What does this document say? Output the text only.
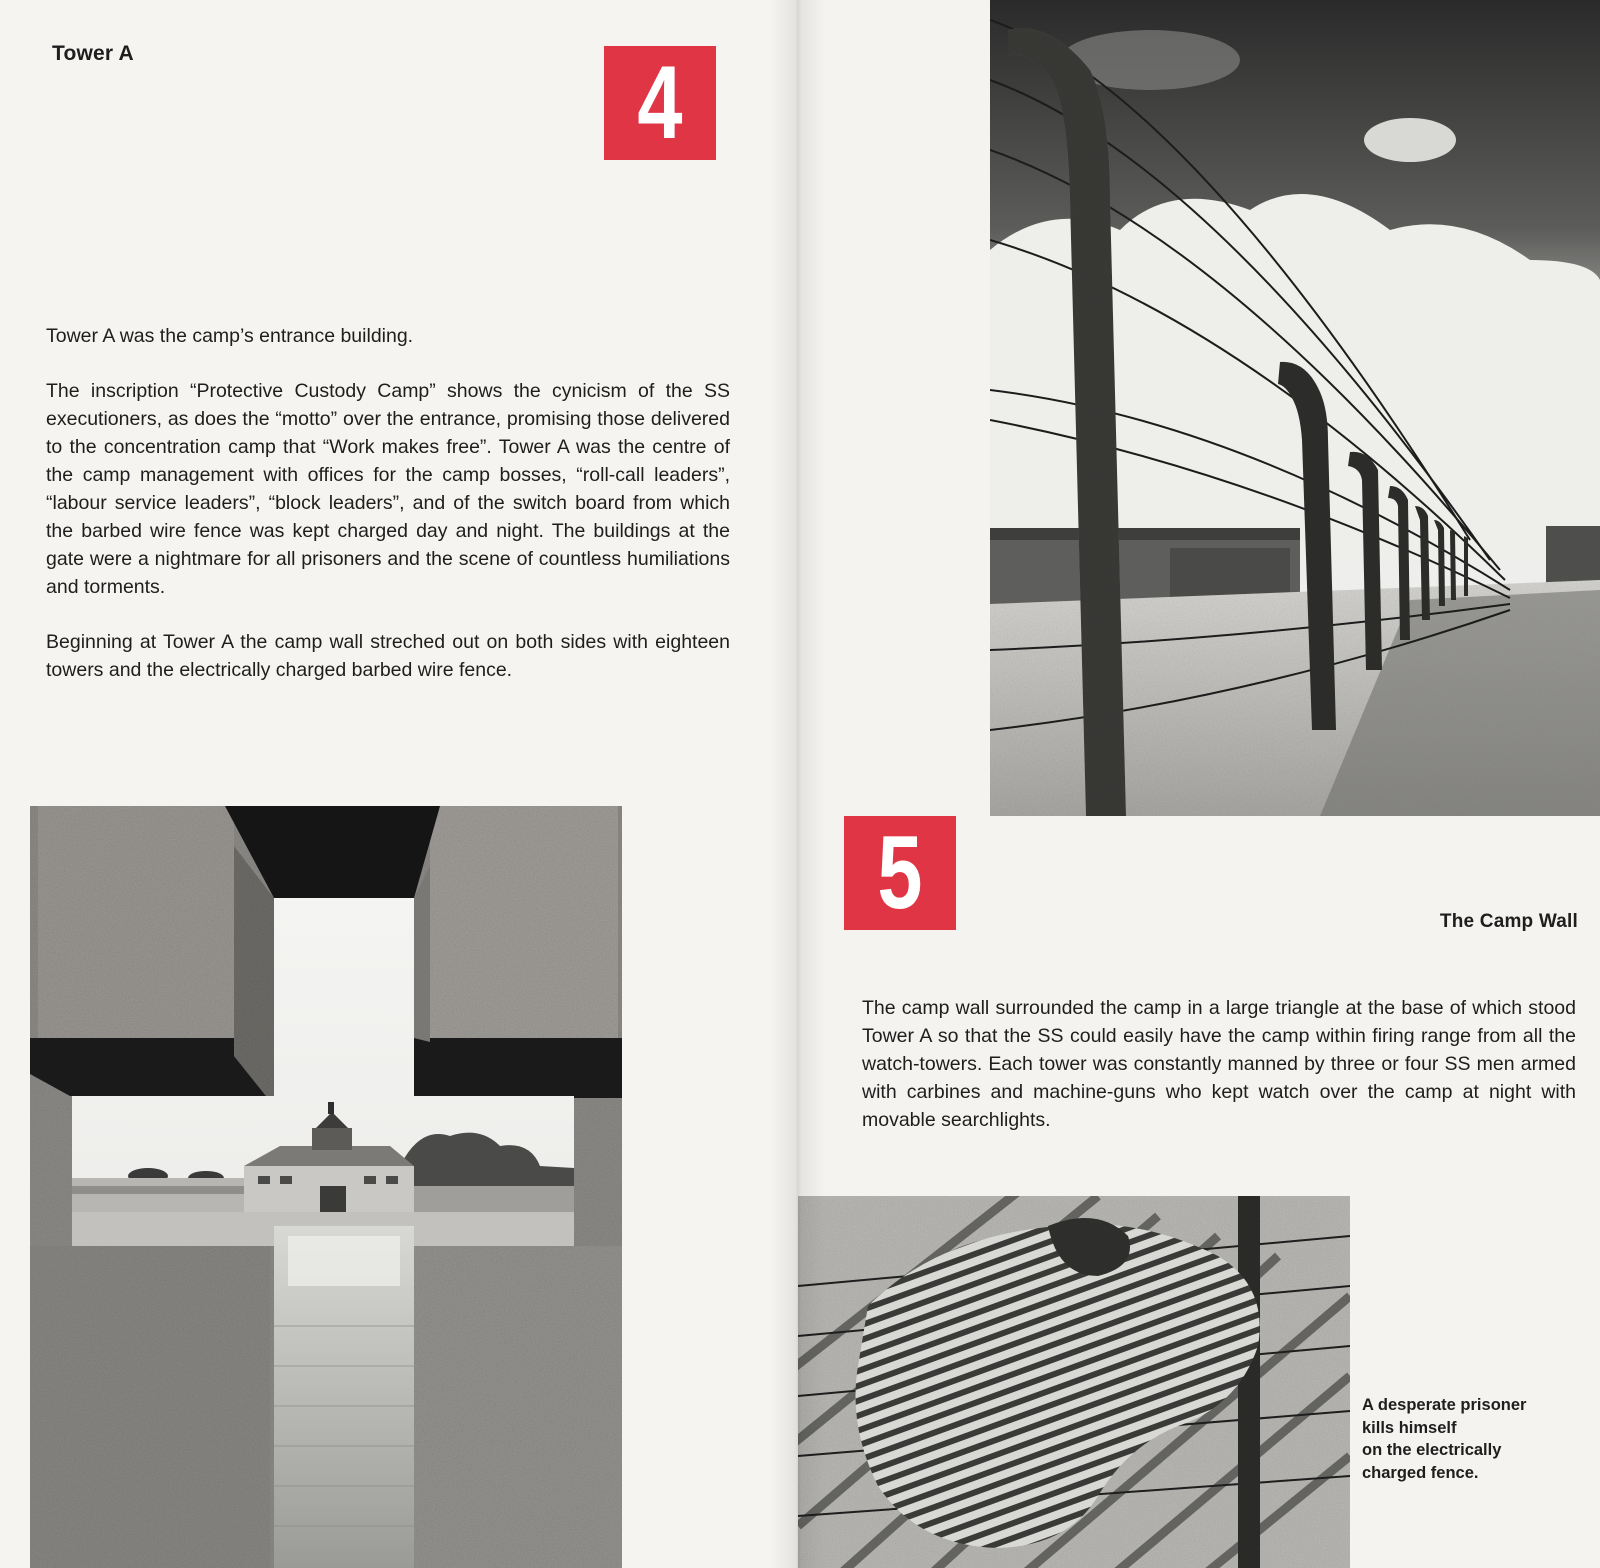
Tower A	4

Tower A was the camp’s entrance building.

The inscription “Protective Custody Camp” shows the cynicism of the SS executioners, as does the “motto” over the entrance, promising those delivered to the concentration camp that “Work makes free”. Tower A was the centre of the camp management with offices for the camp bosses, “roll-call leaders”, “labour service leaders”, “block leaders”, and of the switch board from which the barbed wire fence was kept charged day and night. The buildings at the gate were a nightmare for all prisoners and the scene of countless humiliations and torments.

Beginning at Tower A the camp wall streched out on both sides with eighteen towers and the electrically charged barbed wire fence.

5	The Camp Wall

The camp wall surrounded the camp in a large triangle at the base of which stood Tower A so that the SS could easily have the camp within firing range from all the watch-towers. Each tower was constantly manned by three or four SS men armed with carbines and machine-guns who kept watch over the camp at night with movable searchlights.

A desperate prisoner
kills himself
on the electrically
charged fence.
